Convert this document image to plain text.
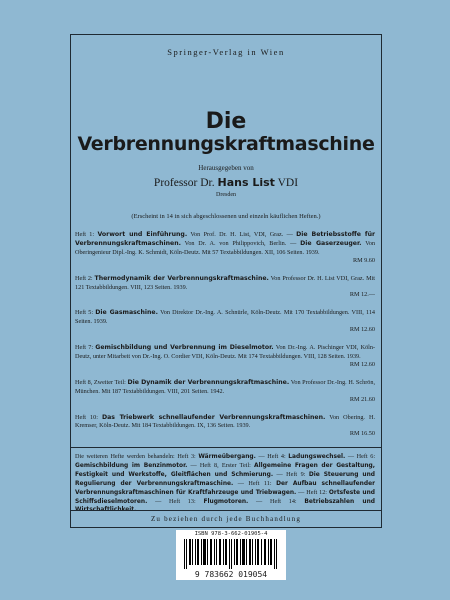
Springer-Verlag in Wien
Die
Verbrennungskraftmaschine
Herausgegeben von
Professor Dr. Hans List VDI
Dresden
(Erscheint in 14 in sich abgeschlossenen und einzeln käuflichen Heften.)
Heft 1: Vorwort und Einführung. Von Prof. Dr. H. List, VDI, Graz. — Die Betriebsstoffe für Verbrennungskraftmaschinen. Von Dr. A. von Philippovich, Berlin. — Die Gaserzeuger. Von Oberingenieur Dipl.-Ing. K. Schmidt, Köln-Deutz. Mit 57 Textabbildungen. XII, 106 Seiten. 1939.
RM 9.60
Heft 2: Thermodynamik der Verbrennungskraftmaschine. Von Professor Dr. H. List VDI, Graz. Mit 121 Textabbildungen. VIII, 123 Seiten. 1939.
RM 12.—
Heft 5: Die Gasmaschine. Von Direktor Dr.-Ing. A. Schnürle, Köln-Deutz. Mit 170 Textabbildungen. VIII, 114 Seiten. 1939.
RM 12.60
Heft 7: Gemischbildung und Verbrennung im Dieselmotor. Von Dr.-Ing. A. Pischinger VDI, Köln-Deutz, unter Mitarbeit von Dr.-Ing. O. Cordier VDI, Köln-Deutz. Mit 174 Textabbildungen. VIII, 128 Seiten. 1939.
RM 12.60
Heft 8, Zweiter Teil: Die Dynamik der Verbrennungskraftmaschine. Von Professor Dr.-Ing. H. Schrön, München. Mit 187 Textabbildungen. VIII, 201 Seiten. 1942.
RM 21.60
Heft 10: Das Triebwerk schnellaufender Verbrennungskraftmaschinen. Von Obering. H. Kremser, Köln-Deutz. Mit 184 Textabbildungen. IX, 136 Seiten. 1939.
RM 16.50
Die weiteren Hefte werden behandeln: Heft 3: Wärmeübergang. — Heft 4: Ladungswechsel. — Heft 6: Gemischbildung im Benzinmotor. — Heft 8, Erster Teil: Allgemeine Fragen der Gestaltung, Festigkeit und Werkstoffe, Gleitflächen und Schmierung. — Heft 9: Die Steuerung und Regulierung der Verbrennungskraftmaschine. — Heft 11: Der Aufbau schnellaufender Verbrennungskraftmaschinen für Kraftfahrzeuge und Triebwagen. — Heft 12: Ortsfeste und Schiffsdieselmotoren. — Heft 13: Flugmotoren. — Heft 14: Betriebszahlen und
Zu beziehen durch jede Buchhandlung
ISBN 978-3-662-01905-4
9 783662 019054
